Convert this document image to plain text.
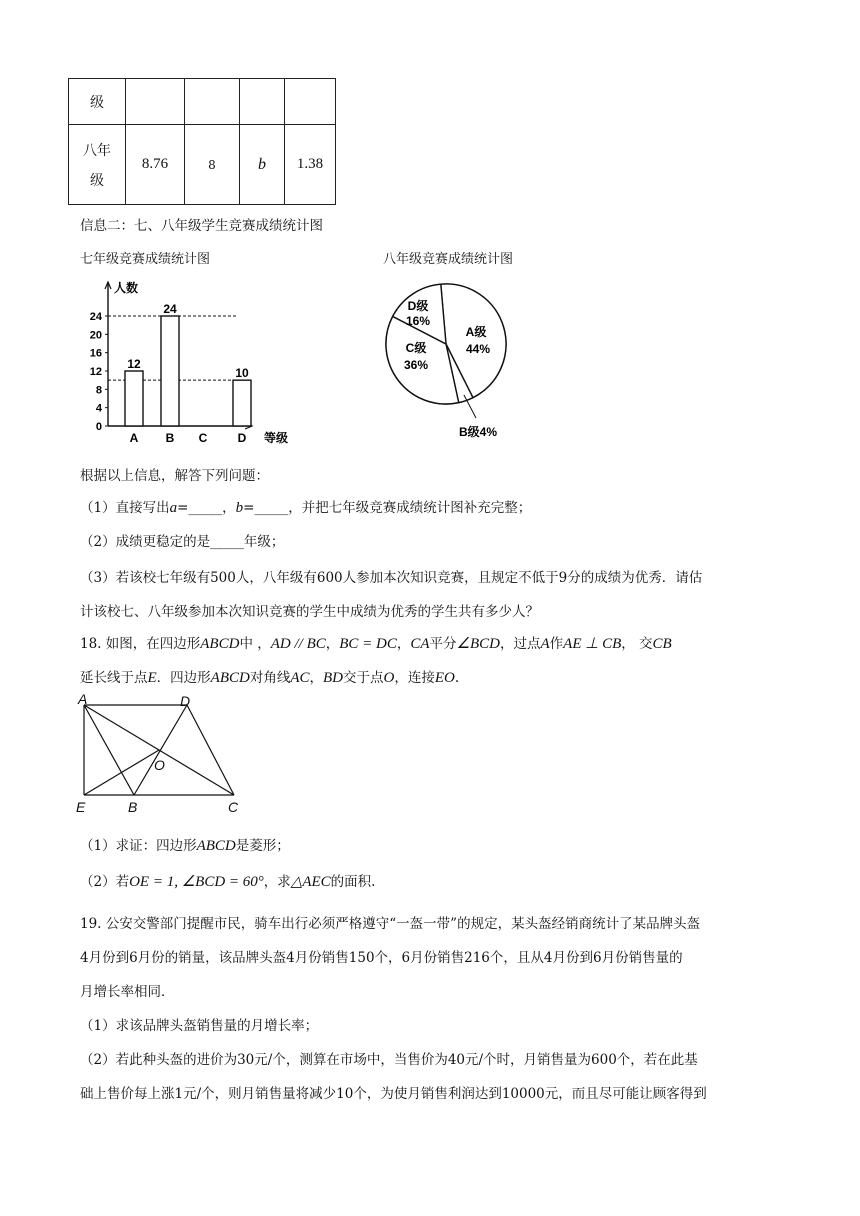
级				

八年
级	8.76	8	b	1.38
信息二：七、八年级学生竞赛成绩统计图
七年级竞赛成绩统计图	八年级竞赛成绩统计图
人数
等级
0
4
8
12
16
20
24
A
12
B
24
C	D
10
A级
44%
C级
36%
D级
16%
B级4%
根据以上信息，解答下列问题：
（1）直接写出a=_____，b=_____，并把七年级竞赛成绩统计图补充完整；
（2）成绩更稳定的是_____年级；
（3）若该校七年级有500人，八年级有600人参加本次知识竞赛，且规定不低于9分的成绩为优秀．请估
计该校七、八年级参加本次知识竞赛的学生中成绩为优秀的学生共有多少人？
18. 如图，在四边形ABCD中 ，AD // BC，BC = DC，CA平分∠BCD，过点A作AE ⊥ CB， 交CB
延长线于点E．四边形ABCD对角线AC，BD交于点O，连接EO.
A	D
O
E	B	C
（1）求证：四边形ABCD是菱形；
（2）若OE = 1, ∠BCD = 60°，求△AEC的面积.
19. 公安交警部门提醒市民，骑车出行必须严格遵守“一盔一带”的规定，某头盔经销商统计了某品牌头盔
4月份到6月份的销量，该品牌头盔4月份销售150个，6月份销售216个，且从4月份到6月份销售量的
月增长率相同．
（1）求该品牌头盔销售量的月增长率；
（2）若此种头盔的进价为30元/个，测算在市场中，当售价为40元/个时，月销售量为600个，若在此基
础上售价每上涨1元/个，则月销售量将减少10个，为使月销售利润达到10000元，而且尽可能让顾客得到
